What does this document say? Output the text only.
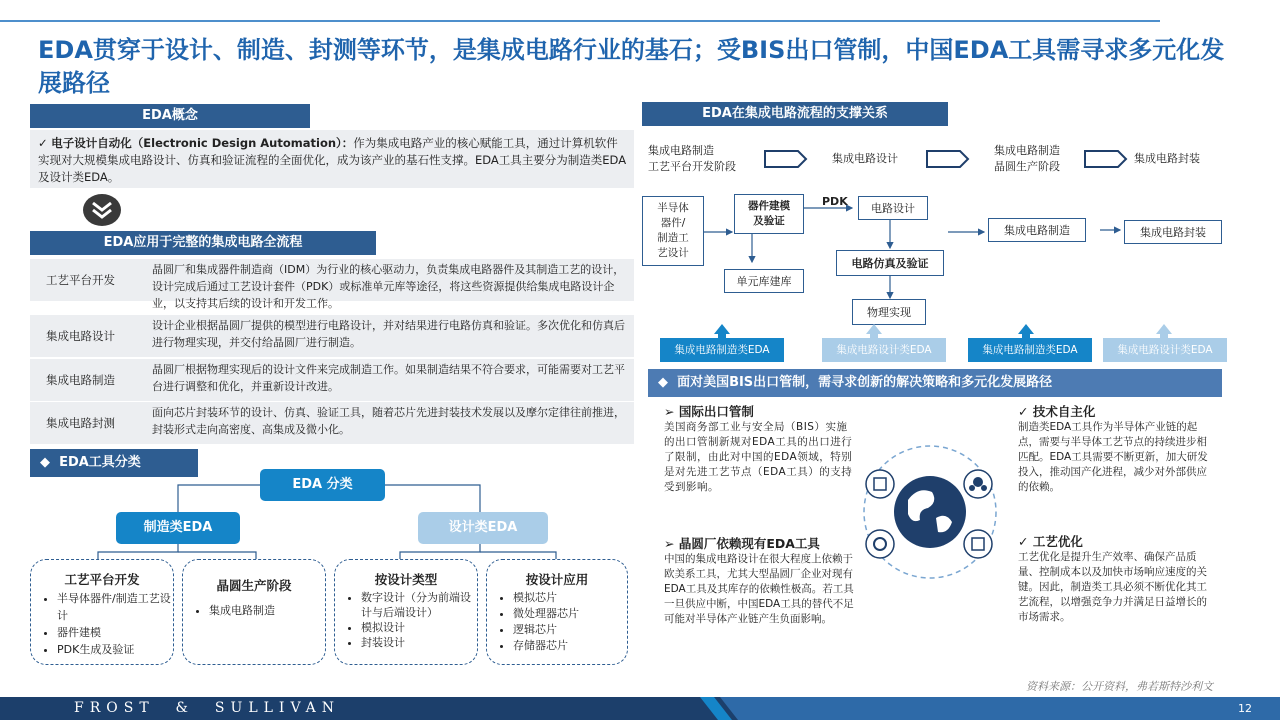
EDA贯穿于设计、制造、封测等环节，是集成电路行业的基石；受BIS出口管制，中国EDA工具需寻求多元化发展路径
EDA概念
✓ 电子设计自动化（Electronic Design Automation）：作为集成电路产业的核心赋能工具，通过计算机软件实现对大规模集成电路设计、仿真和验证流程的全面优化，成为该产业的基石性支撑。EDA工具主要分为制造类EDA及设计类EDA。
EDA应用于完整的集成电路全流程
工艺平台开发
晶圆厂和集成器件制造商（IDM）为行业的核心驱动力，负责集成电路器件及其制造工艺的设计，设计完成后通过工艺设计套件（PDK）或标准单元库等途径，将这些资源提供给集成电路设计企业，以支持其后续的设计和开发工作。
集成电路设计
设计企业根据晶圆厂提供的模型进行电路设计，并对结果进行电路仿真和验证。多次优化和仿真后进行物理实现，并交付给晶圆厂进行制造。
集成电路制造
晶圆厂根据物理实现后的设计文件来完成制造工作。如果制造结果不符合要求，可能需要对工艺平台进行调整和优化，并重新设计改进。
集成电路封测
面向芯片封装环节的设计、仿真、验证工具，随着芯片先进封装技术发展以及摩尔定律往前推进，封装形式走向高密度、高集成及微小化。
◆ EDA工具分类
EDA 分类
制造类EDA	设计类EDA
工艺平台开发
• 半导体器件/制造工艺设计
• 器件建模
• PDK生成及验证
晶圆生产阶段
• 集成电路制造
按设计类型
• 数字设计（分为前端设计与后端设计）
• 模拟设计
• 封装设计
按设计应用
• 模拟芯片
• 微处理器芯片
• 逻辑芯片
• 存储器芯片
EDA在集成电路流程的支撑关系
集成电路制造
工艺平台开发阶段
集成电路设计
集成电路制造
晶圆生产阶段
集成电路封装
半导体
器件/
制造工
艺设计
器件建模
及验证
PDK	电路设计
单元库建库
电路仿真及验证
物理实现
集成电路制造	集成电路封装
集成电路制造类EDA	集成电路设计类EDA	集成电路制造类EDA	集成电路设计类EDA
◆ 面对美国BIS出口管制，需寻求创新的解决策略和多元化发展路径
➢ 国际出口管制
美国商务部工业与安全局（BIS）实施的出口管制新规对EDA工具的出口进行了限制，由此对中国的EDA领域，特别是对先进工艺节点（EDA工具）的支持受到影响。
➢ 晶圆厂依赖现有EDA工具
中国的集成电路设计在很大程度上依赖于欧美系工具，尤其大型晶圆厂企业对现有EDA工具及其库存的依赖性极高。若工具一旦供应中断，中国EDA工具的替代不足可能对半导体产业链产生负面影响。
✓ 技术自主化
制造类EDA工具作为半导体产业链的起点，需要与半导体工艺节点的持续进步相匹配。EDA工具需要不断更新，加大研发投入，推动国产化进程，减少对外部供应的依赖。
✓ 工艺优化
工艺优化是提升生产效率、确保产品质量、控制成本以及加快市场响应速度的关键。因此，制造类工具必须不断优化其工艺流程，以增强竞争力并满足日益增长的市场需求。
资料来源：公开资料，弗若斯特沙利文
FROST  &  SULLIVAN	12
